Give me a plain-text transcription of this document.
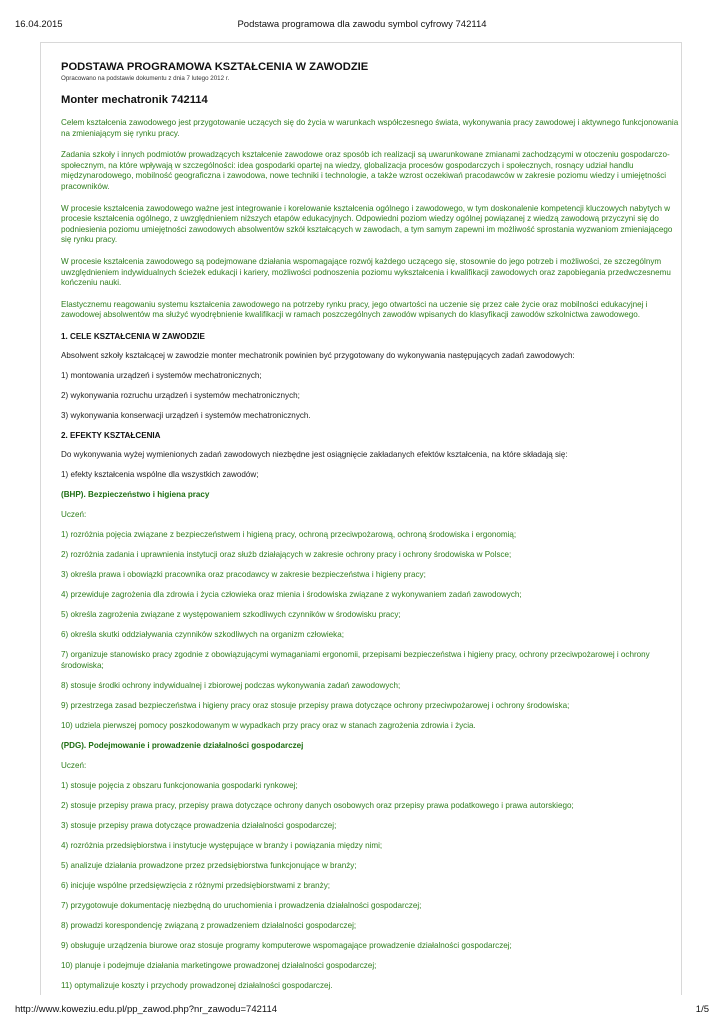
16.04.2015	Podstawa programowa dla zawodu symbol cyfrowy 742114
PODSTAWA PROGRAMOWA KSZTAŁCENIA W ZAWODZIE
Opracowano na podstawie dokumentu z dnia 7 lutego 2012 r.
Monter mechatronik 742114

Celem kształcenia zawodowego jest przygotowanie uczących się do życia w warunkach współczesnego świata, wykonywania pracy zawodowej i aktywnego funkcjonowania na zmieniającym się rynku pracy.

Zadania szkoły i innych podmiotów prowadzących kształcenie zawodowe oraz sposób ich realizacji są uwarunkowane zmianami zachodzącymi w otoczeniu gospodarczo-społecznym, na które wpływają w szczególności: idea gospodarki opartej na wiedzy, globalizacja procesów gospodarczych i społecznych, rosnący udział handlu międzynarodowego, mobilność geograficzna i zawodowa, nowe techniki i technologie, a także wzrost oczekiwań pracodawców w zakresie poziomu wiedzy i umiejętności pracowników.

W procesie kształcenia zawodowego ważne jest integrowanie i korelowanie kształcenia ogólnego i zawodowego, w tym doskonalenie kompetencji kluczowych nabytych w procesie kształcenia ogólnego, z uwzględnieniem niższych etapów edukacyjnych. Odpowiedni poziom wiedzy ogólnej powiązanej z wiedzą zawodową przyczyni się do podniesienia poziomu umiejętności zawodowych absolwentów szkół kształcących w zawodach, a tym samym zapewni im możliwość sprostania wyzwaniom zmieniającego się rynku pracy.

W procesie kształcenia zawodowego są podejmowane działania wspomagające rozwój każdego uczącego się, stosownie do jego potrzeb i możliwości, ze szczególnym uwzględnieniem indywidualnych ścieżek edukacji i kariery, możliwości podnoszenia poziomu wykształcenia i kwalifikacji zawodowych oraz zapobiegania przedwczesnemu kończeniu nauki.

Elastycznemu reagowaniu systemu kształcenia zawodowego na potrzeby rynku pracy, jego otwartości na uczenie się przez całe życie oraz mobilności edukacyjnej i zawodowej absolwentów ma służyć wyodrębnienie kwalifikacji w ramach poszczególnych zawodów wpisanych do klasyfikacji zawodów szkolnictwa zawodowego.

1. CELE KSZTAŁCENIA W ZAWODZIE
Absolwent szkoły kształcącej w zawodzie monter mechatronik powinien być przygotowany do wykonywania następujących zadań zawodowych:
1) montowania urządzeń i systemów mechatronicznych;
2) wykonywania rozruchu urządzeń i systemów mechatronicznych;
3) wykonywania konserwacji urządzeń i systemów mechatronicznych.
2. EFEKTY KSZTAŁCENIA
Do wykonywania wyżej wymienionych zadań zawodowych niezbędne jest osiągnięcie zakładanych efektów kształcenia, na które składają się:
1) efekty kształcenia wspólne dla wszystkich zawodów;
(BHP). Bezpieczeństwo i higiena pracy
Uczeń:
1) rozróżnia pojęcia związane z bezpieczeństwem i higieną pracy, ochroną przeciwpożarową, ochroną środowiska i ergonomią;
2) rozróżnia zadania i uprawnienia instytucji oraz służb działających w zakresie ochrony pracy i ochrony środowiska w Polsce;
3) określa prawa i obowiązki pracownika oraz pracodawcy w zakresie bezpieczeństwa i higieny pracy;
4) przewiduje zagrożenia dla zdrowia i życia człowieka oraz mienia i środowiska związane z wykonywaniem zadań zawodowych;
5) określa zagrożenia związane z występowaniem szkodliwych czynników w środowisku pracy;
6) określa skutki oddziaływania czynników szkodliwych na organizm człowieka;
7) organizuje stanowisko pracy zgodnie z obowiązującymi wymaganiami ergonomii, przepisami bezpieczeństwa i higieny pracy, ochrony przeciwpożarowej i ochrony środowiska;
8) stosuje środki ochrony indywidualnej i zbiorowej podczas wykonywania zadań zawodowych;
9) przestrzega zasad bezpieczeństwa i higieny pracy oraz stosuje przepisy prawa dotyczące ochrony przeciwpożarowej i ochrony środowiska;
10) udziela pierwszej pomocy poszkodowanym w wypadkach przy pracy oraz w stanach zagrożenia zdrowia i życia.
(PDG). Podejmowanie i prowadzenie działalności gospodarczej
Uczeń:
1) stosuje pojęcia z obszaru funkcjonowania gospodarki rynkowej;
2) stosuje przepisy prawa pracy, przepisy prawa dotyczące ochrony danych osobowych oraz przepisy prawa podatkowego i prawa autorskiego;
3) stosuje przepisy prawa dotyczące prowadzenia działalności gospodarczej;
4) rozróżnia przedsiębiorstwa i instytucje występujące w branży i powiązania między nimi;
5) analizuje działania prowadzone przez przedsiębiorstwa funkcjonujące w branży;
6) inicjuje wspólne przedsięwzięcia z różnymi przedsiębiorstwami z branży;
7) przygotowuje dokumentację niezbędną do uruchomienia i prowadzenia działalności gospodarczej;
8) prowadzi korespondencję związaną z prowadzeniem działalności gospodarczej;
9) obsługuje urządzenia biurowe oraz stosuje programy komputerowe wspomagające prowadzenie działalności gospodarczej;
10) planuje i podejmuje działania marketingowe prowadzonej działalności gospodarczej;
11) optymalizuje koszty i przychody prowadzonej działalności gospodarczej.
http://www.koweziu.edu.pl/pp_zawod.php?nr_zawodu=742114	1/5
